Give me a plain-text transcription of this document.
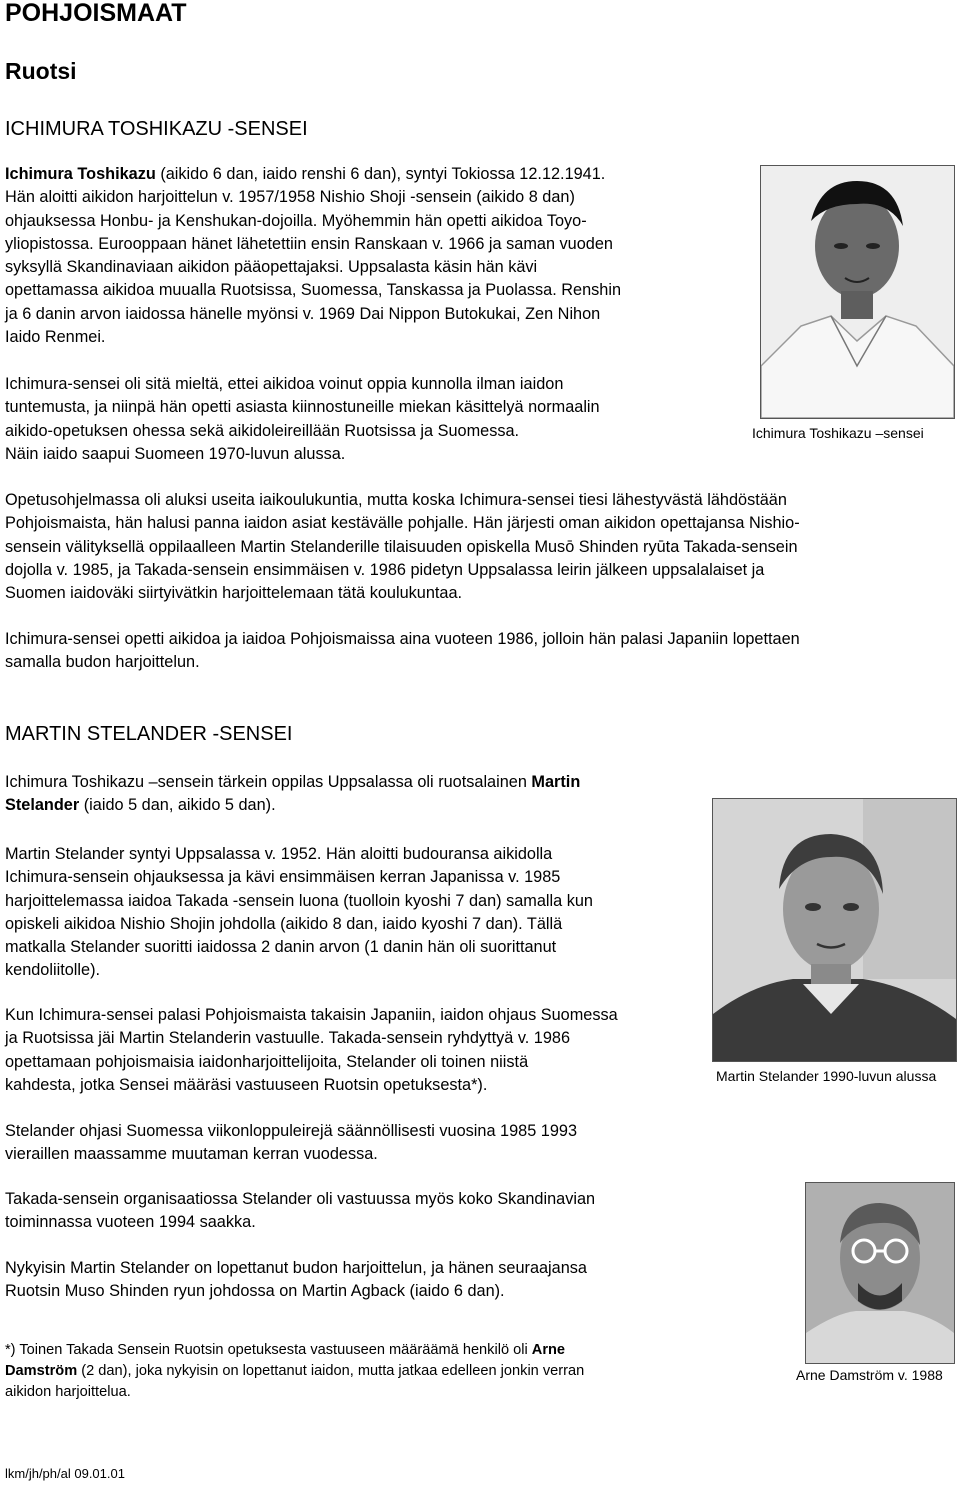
POHJOISMAAT
Ruotsi
ICHIMURA TOSHIKAZU -SENSEI

Ichimura Toshikazu (aikido 6 dan, iaido renshi 6 dan), syntyi Tokiossa 12.12.1941.

Hän aloitti aikidon harjoittelun v. 1957/1958 Nishio Shoji -sensein (aikido 8 dan)

ohjauksessa Honbu- ja Kenshukan-dojoilla. Myöhemmin hän opetti aikidoa Toyo-

yliopistossa. Eurooppaan hänet lähetettiin ensin Ranskaan v. 1966 ja saman vuoden

syksyllä Skandinaviaan aikidon pääopettajaksi. Uppsalasta käsin hän kävi

opettamassa aikidoa muualla Ruotsissa, Suomessa, Tanskassa ja Puolassa. Renshin

ja 6 danin arvon iaidossa hänelle myönsi v. 1969 Dai Nippon Butokukai, Zen Nihon

Iaido Renmei.

Ichimura-sensei oli sitä mieltä, ettei aikidoa voinut oppia kunnolla ilman iaidon

tuntemusta, ja niinpä hän opetti asiasta kiinnostuneille miekan käsittelyä normaalin

aikido-opetuksen ohessa sekä aikidoleireillään Ruotsissa ja Suomessa.

Näin iaido saapui Suomeen 1970-luvun alussa.

Ichimura Toshikazu –sensei

Opetusohjelmassa oli aluksi useita iaikoulukuntia, mutta koska Ichimura-sensei tiesi lähestyvästä lähdöstään

Pohjoismaista, hän halusi panna iaidon asiat kestävälle pohjalle. Hän järjesti oman aikidon opettajansa Nishio-

sensein välityksellä oppilaalleen Martin Stelanderille tilaisuuden opiskella Musō Shinden ryūta Takada-sensein

dojolla v. 1985, ja Takada-sensein ensimmäisen v. 1986 pidetyn Uppsalassa leirin jälkeen uppsalalaiset ja

Suomen iaidoväki siirtyivätkin harjoittelemaan tätä koulukuntaa.

Ichimura-sensei opetti aikidoa ja iaidoa Pohjoismaissa aina vuoteen 1986, jolloin hän palasi Japaniin lopettaen

samalla budon harjoittelun.

MARTIN STELANDER -SENSEI

Ichimura Toshikazu –sensein tärkein oppilas Uppsalassa oli ruotsalainen Martin

Stelander (iaido 5 dan, aikido 5 dan).

Martin Stelander syntyi Uppsalassa v. 1952. Hän aloitti budouransa aikidolla

Ichimura-sensein ohjauksessa ja kävi ensimmäisen kerran Japanissa v. 1985

harjoittelemassa iaidoa Takada -sensein luona (tuolloin kyoshi 7 dan) samalla kun

opiskeli aikidoa Nishio Shojin johdolla (aikido 8 dan, iaido kyoshi 7 dan). Tällä

matkalla Stelander suoritti iaidossa 2 danin arvon (1 danin hän oli suorittanut

kendoliitolle).

Martin Stelander 1990-luvun alussa

Kun Ichimura-sensei palasi Pohjoismaista takaisin Japaniin, iaidon ohjaus Suomessa

ja Ruotsissa jäi Martin Stelanderin vastuulle. Takada-sensein ryhdyttyä v. 1986

opettamaan pohjoismaisia iaidonharjoittelijoita, Stelander oli toinen niistä

kahdesta, jotka Sensei määräsi vastuuseen Ruotsin opetuksesta*).

Stelander ohjasi Suomessa viikonloppuleirejä säännöllisesti vuosina 1985 1993

vieraillen maassamme muutaman kerran vuodessa.

Takada-sensein organisaatiossa Stelander oli vastuussa myös koko Skandinavian

toiminnassa vuoteen 1994 saakka.

Nykyisin Martin Stelander on lopettanut budon harjoittelun, ja hänen seuraajansa

Ruotsin Muso Shinden ryun johdossa on Martin Agback (iaido 6 dan).

Arne Damström v. 1988

*) Toinen Takada Sensein Ruotsin opetuksesta vastuuseen määräämä henkilö oli Arne

Damström (2 dan), joka nykyisin on lopettanut iaidon, mutta jatkaa edelleen jonkin verran

aikidon harjoittelua.

lkm/jh/ph/al 09.01.01
